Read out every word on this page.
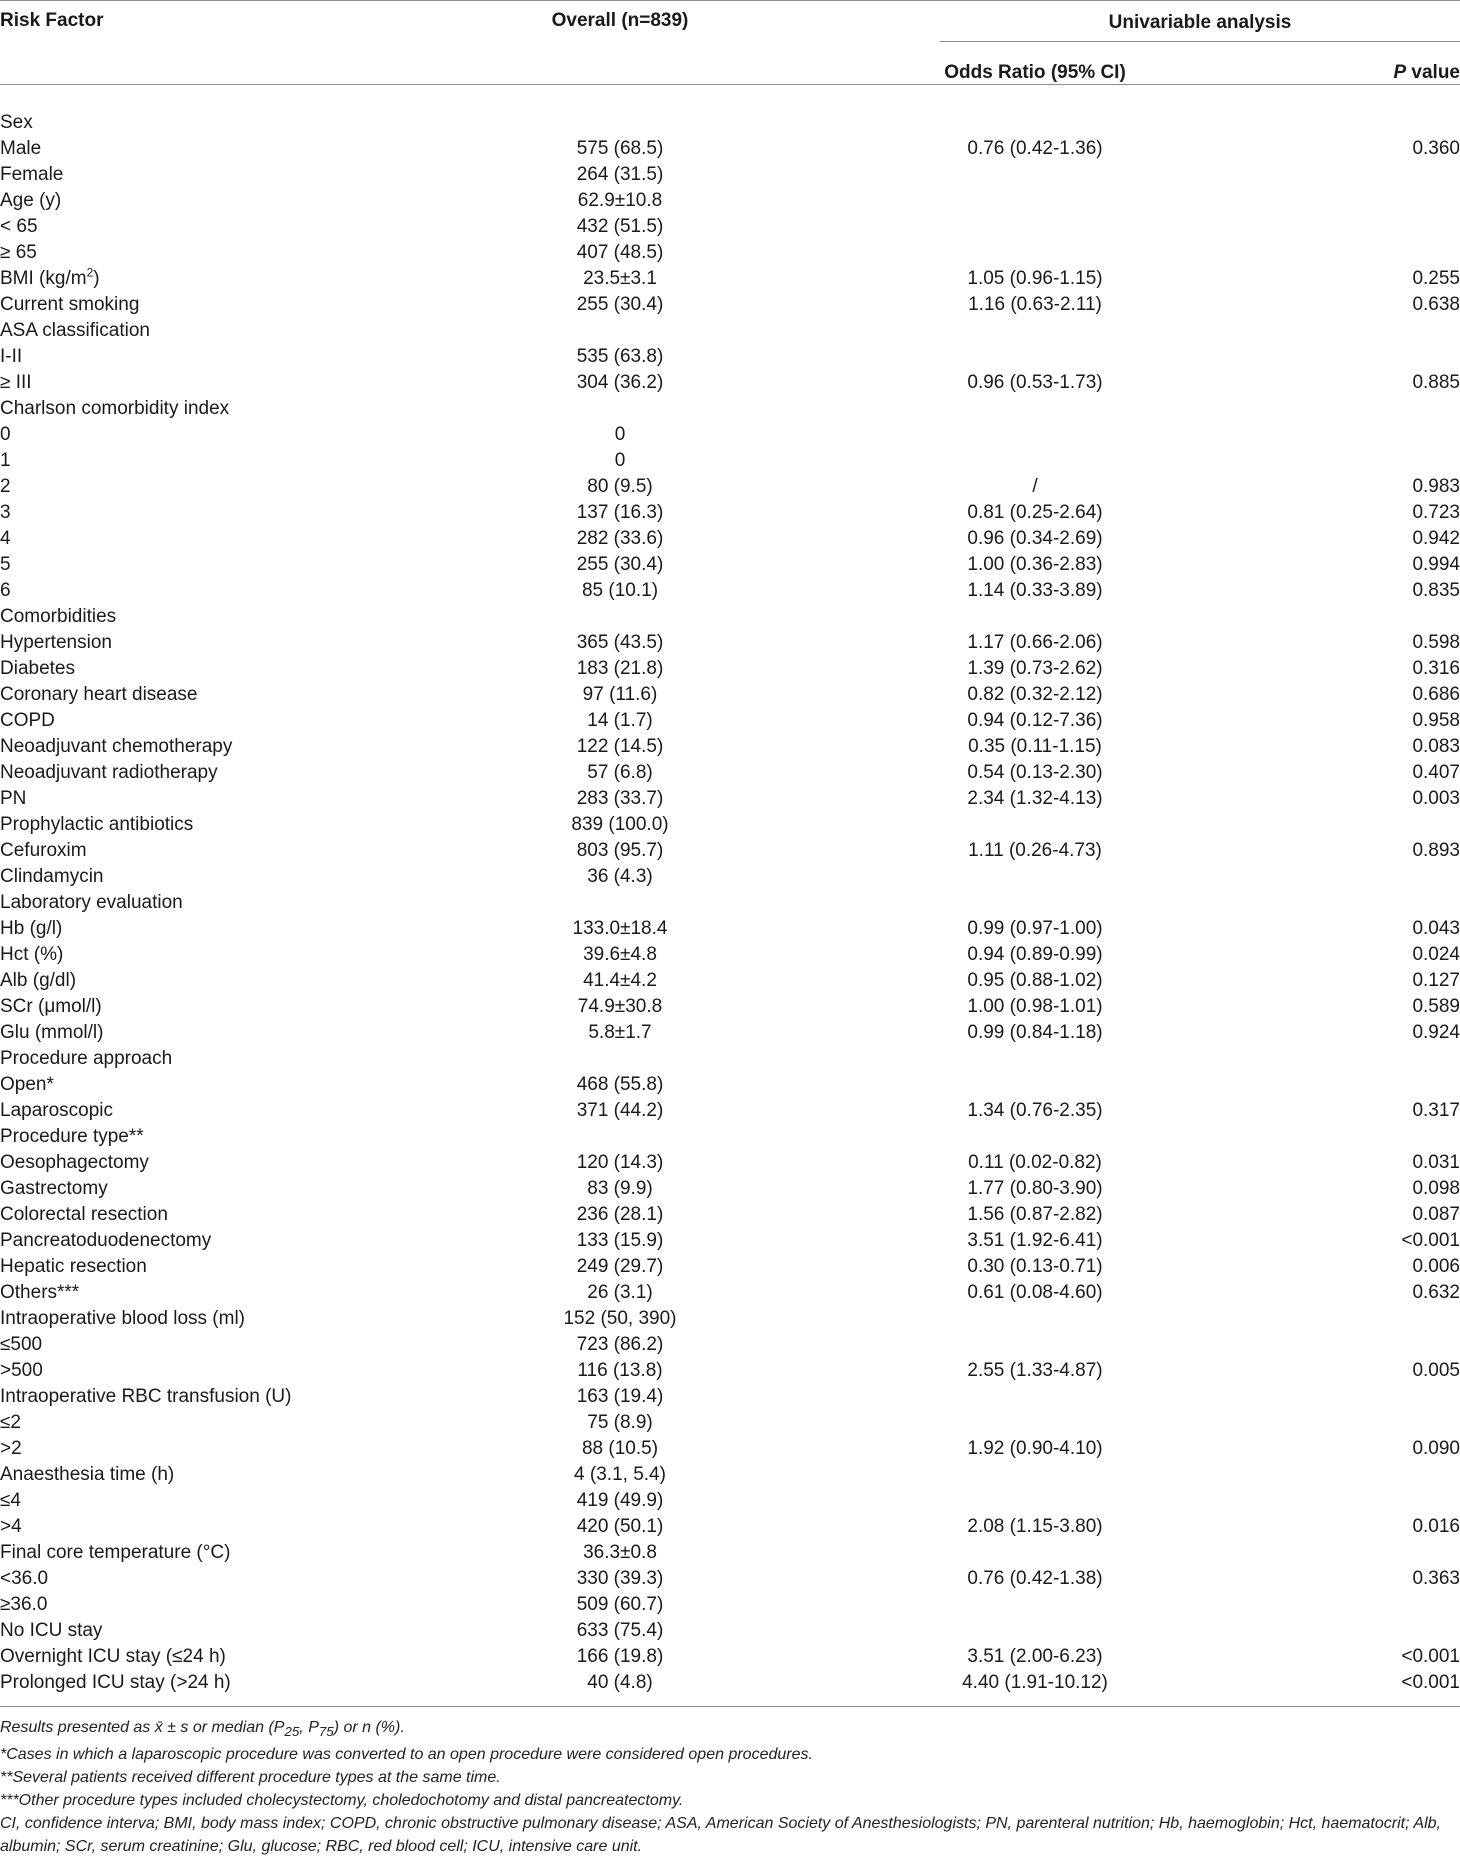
Risk Factor	Overall (n=839)	Univariable analysis
Odds Ratio (95% CI)	P value
Sex			
Male	575 (68.5)	0.76 (0.42-1.36)	0.360
Female	264 (31.5)		
Age (y)	62.9±10.8		
< 65	432 (51.5)		
≥ 65	407 (48.5)		
BMI $(kg/m^2)$	23.5±3.1	1.05 (0.96-1.15)	0.255
Current smoking	255 (30.4)	1.16 (0.63-2.11)	0.638
ASA classification			
I-II	535 (63.8)		
≥ III	304 (36.2)	0.96 (0.53-1.73)	0.885
Charlson comorbidity index			
0	0		
1	0		
2	80 (9.5)	/	0.983
3	137 (16.3)	0.81 (0.25-2.64)	0.723
4	282 (33.6)	0.96 (0.34-2.69)	0.942
5	255 (30.4)	1.00 (0.36-2.83)	0.994
6	85 (10.1)	1.14 (0.33-3.89)	0.835
Comorbidities			
Hypertension	365 (43.5)	1.17 (0.66-2.06)	0.598
Diabetes	183 (21.8)	1.39 (0.73-2.62)	0.316
Coronary heart disease	97 (11.6)	0.82 (0.32-2.12)	0.686
COPD	14 (1.7)	0.94 (0.12-7.36)	0.958
Neoadjuvant chemotherapy	122 (14.5)	0.35 (0.11-1.15)	0.083
Neoadjuvant radiotherapy	57 (6.8)	0.54 (0.13-2.30)	0.407
PN	283 (33.7)	2.34 (1.32-4.13)	0.003
Prophylactic antibiotics	839 (100.0)		
Cefuroxim	803 (95.7)	1.11 (0.26-4.73)	0.893
Clindamycin	36 (4.3)		
Laboratory evaluation			
Hb (g/l)	133.0±18.4	0.99 (0.97-1.00)	0.043
Hct (%)	39.6±4.8	0.94 (0.89-0.99)	0.024
Alb (g/dl)	41.4±4.2	0.95 (0.88-1.02)	0.127
SCr (μmol/l)	74.9±30.8	1.00 (0.98-1.01)	0.589
Glu (mmol/l)	5.8±1.7	0.99 (0.84-1.18)	0.924
Procedure approach			
Open*	468 (55.8)		
Laparoscopic	371 (44.2)	1.34 (0.76-2.35)	0.317
Procedure type**			
Oesophagectomy	120 (14.3)	0.11 (0.02-0.82)	0.031
Gastrectomy	83 (9.9)	1.77 (0.80-3.90)	0.098
Colorectal resection	236 (28.1)	1.56 (0.87-2.82)	0.087
Pancreatoduodenectomy	133 (15.9)	3.51 (1.92-6.41)	<0.001
Hepatic resection	249 (29.7)	0.30 (0.13-0.71)	0.006
Others***	26 (3.1)	0.61 (0.08-4.60)	0.632
Intraoperative blood loss (ml)	152 (50, 390)		
≤500	723 (86.2)		
>500	116 (13.8)	2.55 (1.33-4.87)	0.005
Intraoperative RBC transfusion (U)	163 (19.4)		
≤2	75 (8.9)		
>2	88 (10.5)	1.92 (0.90-4.10)	0.090
Anaesthesia time (h)	4 (3.1, 5.4)		
≤4	419 (49.9)		
>4	420 (50.1)	2.08 (1.15-3.80)	0.016
Final core temperature (°C)	36.3±0.8		
<36.0	330 (39.3)	0.76 (0.42-1.38)	0.363
≥36.0	509 (60.7)		
No ICU stay	633 (75.4)		
Overnight ICU stay (≤24 h)	166 (19.8)	3.51 (2.00-6.23)	<0.001
Prolonged ICU stay (>24 h)	40 (4.8)	4.40 (1.91-10.12)	<0.001
Results presented as x̄ ± s or median ($P_{25}$, $P_{75}$) or n (%).
*Cases in which a laparoscopic procedure was converted to an open procedure were considered open procedures.
**Several patients received different procedure types at the same time.
***Other procedure types included cholecystectomy, choledochotomy and distal pancreatectomy.
CI, confidence interva; BMI, body mass index; COPD, chronic obstructive pulmonary disease; ASA, American Society of Anesthesiologists; PN, parenteral nutrition; Hb, haemoglobin; Hct, haematocrit; Alb, albumin; SCr, serum creatinine; Glu, glucose; RBC, red blood cell; ICU, intensive care unit.
